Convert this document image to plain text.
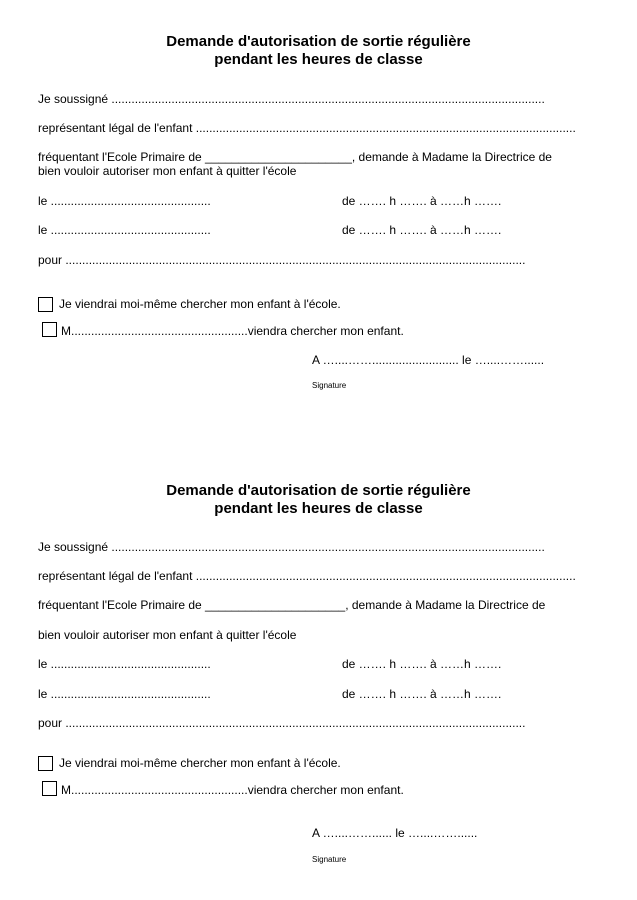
Demande d'autorisation de sortie régulière
pendant les heures de classe
Je soussigné ..................................................................................................................................
représentant légal de l'enfant ..................................................................................................................
fréquentant l'Ecole Primaire de ______________________, demande à Madame la Directrice de
bien vouloir autoriser mon enfant à quitter l'école
le ................................................	de ……. h ……. à ……h …….
le ................................................	de ……. h ……. à ……h …….
pour ..........................................................................................................................................
Je viendrai moi-même chercher mon enfant à l'école.
M.....................................................viendra chercher mon enfant.
A …....…….......................... le …....……......
Signature
Demande d'autorisation de sortie régulière
pendant les heures de classe
Je soussigné ..................................................................................................................................
représentant légal de l'enfant ..................................................................................................................
fréquentant l'Ecole Primaire de _____________________, demande à Madame la Directrice de
bien vouloir autoriser mon enfant à quitter l'école
le ................................................	de ……. h ……. à ……h …….
le ................................................	de ……. h ……. à ……h …….
pour ..........................................................................................................................................
Je viendrai moi-même chercher mon enfant à l'école.
M.....................................................viendra chercher mon enfant.
A …....……...... le …....……......
Signature
